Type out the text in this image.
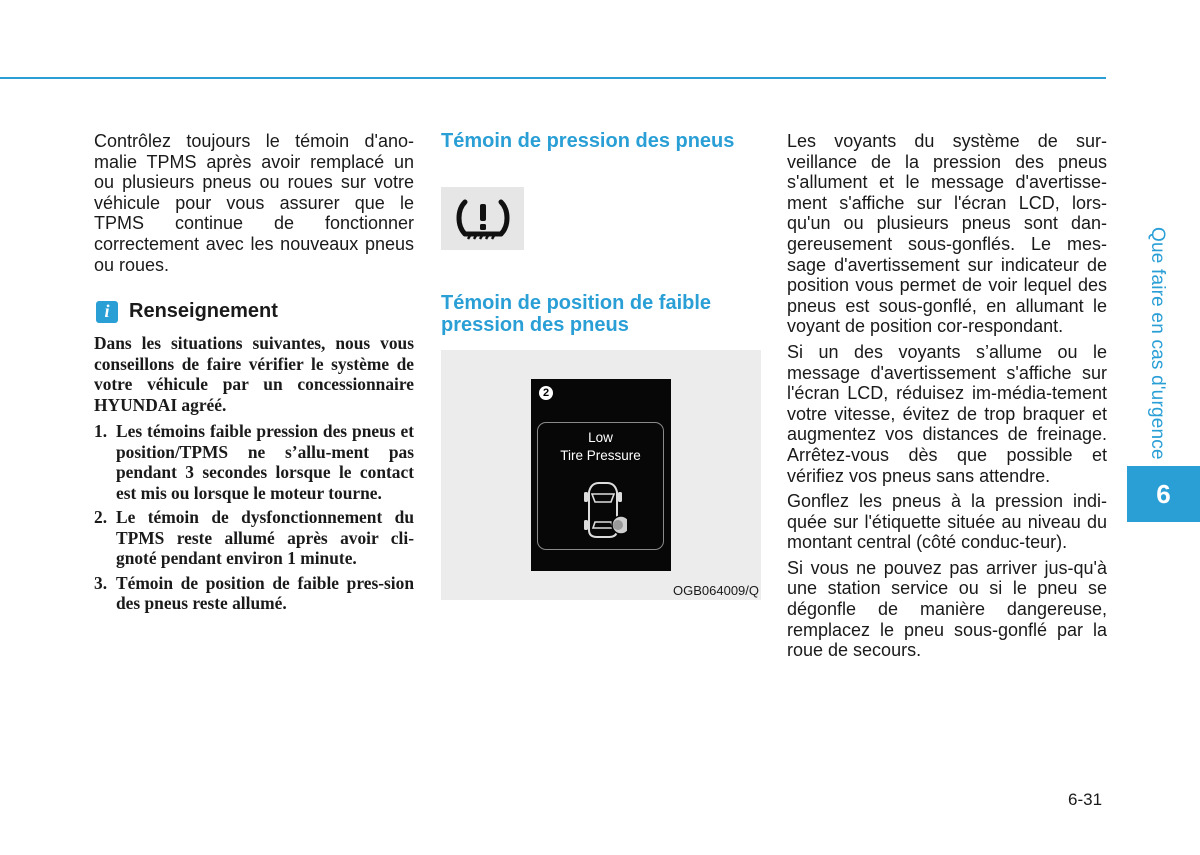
Contrôlez toujours le témoin d'ano-malie TPMS après avoir remplacé un ou plusieurs pneus ou roues sur votre véhicule pour vous assurer que le TPMS continue de fonctionner correctement avec les nouveaux pneus ou roues.

i Renseignement

Dans les situations suivantes, nous vous conseillons de faire vérifier le système de votre véhicule par un concessionnaire HYUNDAI agréé.

1. Les témoins faible pression des pneus et position/TPMS ne s’allu-ment pas pendant 3 secondes lorsque le contact est mis ou lorsque le moteur tourne.
2. Le témoin de dysfonctionnement du TPMS reste allumé après avoir cli-gnoté pendant environ 1 minute.
3. Témoin de position de faible pres-sion des pneus reste allumé.
Témoin de pression des pneus
Témoin de position de faible pression des pneus
2
Low
Tire Pressure
OGB064009/Q

Les voyants du système de sur-veillance de la pression des pneus s'allument et le message d'avertisse-ment s'affiche sur l'écran LCD, lors-qu'un ou plusieurs pneus sont dan-gereusement sous-gonflés. Le mes-sage d'avertissement sur indicateur de position vous permet de voir lequel des pneus est sous-gonflé, en allumant le voyant de position cor-respondant.

Si un des voyants s’allume ou le message d'avertissement s'affiche sur l'écran LCD, réduisez im-média-tement votre vitesse, évitez de trop braquer et augmentez vos distances de freinage. Arrêtez-vous dès que possible et vérifiez vos pneus sans attendre.

Gonflez les pneus à la pression indi-quée sur l'étiquette située au niveau du montant central (côté conduc-teur).

Si vous ne pouvez pas arriver jus-qu'à une station service ou si le pneu se dégonfle de manière dangereuse, remplacez le pneu sous-gonflé par la roue de secours.

Que faire en cas d'urgence
6
6-31
